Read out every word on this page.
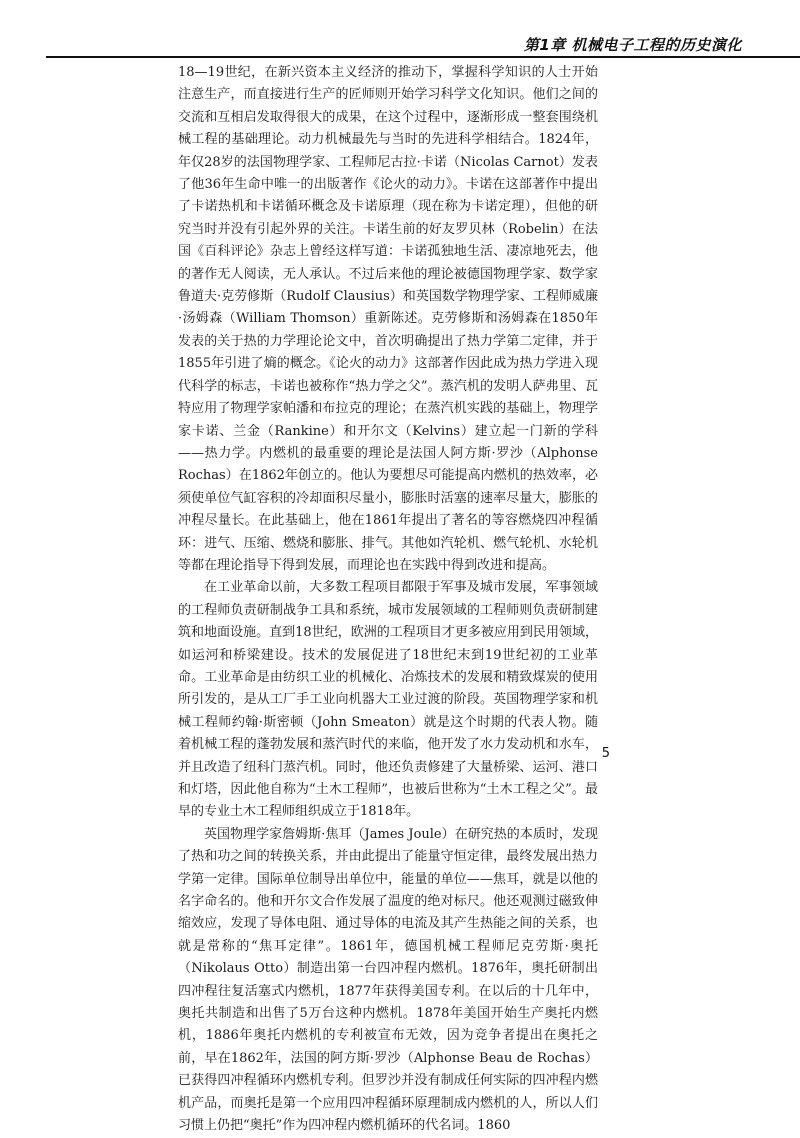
第1章 机械电子工程的历史演化

18—19世纪，在新兴资本主义经济的推动下，掌握科学知识的人士开始注意生产，而直接进行生产的匠师则开始学习科学文化知识。他们之间的交流和互相启发取得很大的成果，在这个过程中，逐渐形成一整套围绕机械工程的基础理论。动力机械最先与当时的先进科学相结合。1824年，年仅28岁的法国物理学家、工程师尼古拉·卡诺（Nicolas Carnot）发表了他36年生命中唯一的出版著作《论火的动力》。卡诺在这部著作中提出了卡诺热机和卡诺循环概念及卡诺原理（现在称为卡诺定理），但他的研究当时并没有引起外界的关注。卡诺生前的好友罗贝林（Robelin）在法国《百科评论》杂志上曾经这样写道：卡诺孤独地生活、凄凉地死去，他的著作无人阅读，无人承认。不过后来他的理论被德国物理学家、数学家鲁道夫·克劳修斯（Rudolf Clausius）和英国数学物理学家、工程师威廉·汤姆森（William Thomson）重新陈述。克劳修斯和汤姆森在1850年发表的关于热的力学理论论文中，首次明确提出了热力学第二定律，并于1855年引进了熵的概念。《论火的动力》这部著作因此成为热力学进入现代科学的标志，卡诺也被称作“热力学之父”。蒸汽机的发明人萨弗里、瓦特应用了物理学家帕潘和布拉克的理论；在蒸汽机实践的基础上，物理学家卡诺、兰金（Rankine）和开尔文（Kelvins）建立起一门新的学科——热力学。内燃机的最重要的理论是法国人阿方斯·罗沙（Alphonse Rochas）在1862年创立的。他认为要想尽可能提高内燃机的热效率，必须使单位气缸容积的冷却面积尽量小，膨胀时活塞的速率尽量大，膨胀的冲程尽量长。在此基础上，他在1861年提出了著名的等容燃烧四冲程循环：进气、压缩、燃烧和膨胀、排气。其他如汽轮机、燃气轮机、水轮机等都在理论指导下得到发展，而理论也在实践中得到改进和提高。

在工业革命以前，大多数工程项目都限于军事及城市发展，军事领域的工程师负责研制战争工具和系统，城市发展领域的工程师则负责研制建筑和地面设施。直到18世纪，欧洲的工程项目才更多被应用到民用领域，如运河和桥梁建设。技术的发展促进了18世纪末到19世纪初的工业革命。工业革命是由纺织工业的机械化、冶炼技术的发展和精致煤炭的使用所引发的，是从工厂手工业向机器大工业过渡的阶段。英国物理学家和机械工程师约翰·斯密顿（John Smeaton）就是这个时期的代表人物。随着机械工程的蓬勃发展和蒸汽时代的来临，他开发了水力发动机和水车，并且改造了纽科门蒸汽机。同时，他还负责修建了大量桥梁、运河、港口和灯塔，因此他自称为“土木工程师”，也被后世称为“土木工程之父”。最早的专业土木工程师组织成立于1818年。

英国物理学家詹姆斯·焦耳（James Joule）在研究热的本质时，发现了热和功之间的转换关系，并由此提出了能量守恒定律，最终发展出热力学第一定律。国际单位制导出单位中，能量的单位——焦耳，就是以他的名字命名的。他和开尔文合作发展了温度的绝对标尺。他还观测过磁致伸缩效应，发现了导体电阻、通过导体的电流及其产生热能之间的关系，也就是常称的“焦耳定律”。1861年，德国机械工程师尼克劳斯·奥托（Nikolaus Otto）制造出第一台四冲程内燃机。1876年，奥托研制出四冲程往复活塞式内燃机，1877年获得美国专利。在以后的十几年中，奥托共制造和出售了5万台这种内燃机。1878年美国开始生产奥托内燃机，1886年奥托内燃机的专利被宣布无效，因为竞争者提出在奥托之前，早在1862年，法国的阿方斯·罗沙（Alphonse Beau de Rochas）已获得四冲程循环内燃机专利。但罗沙并没有制成任何实际的四冲程内燃机产品，而奥托是第一个应用四冲程循环原理制成内燃机的人，所以人们习惯上仍把“奥托”作为四冲程内燃机循环的代名词。1860

5
